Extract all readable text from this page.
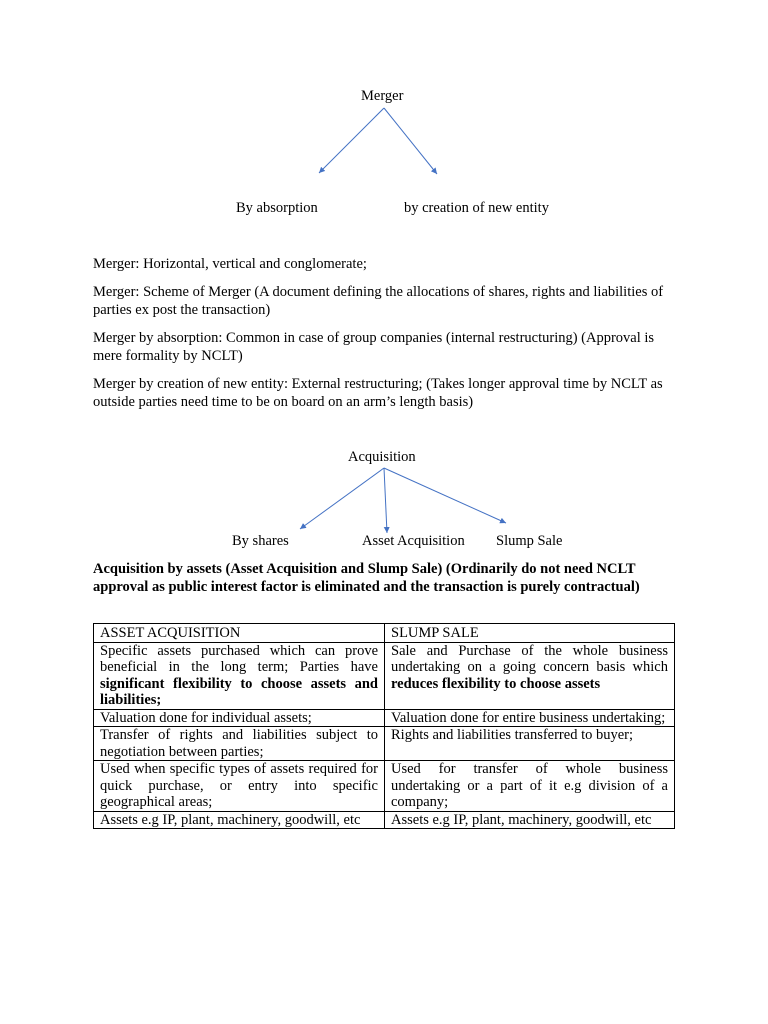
Merger
By absorption	by creation of new entity

Merger: Horizontal, vertical and conglomerate;

Merger: Scheme of Merger (A document defining the allocations of shares, rights and liabilities of parties ex post the transaction)

Merger by absorption: Common in case of group companies (internal restructuring) (Approval is mere formality by NCLT)

Merger by creation of new entity: External restructuring; (Takes longer approval time by NCLT as outside parties need time to be on board on an arm’s length basis)

Acquisition
By shares	Asset Acquisition Slump Sale

Acquisition by assets (Asset Acquisition and Slump Sale) (Ordinarily do not need NCLT approval as public interest factor is eliminated and the transaction is purely contractual)

ASSET ACQUISITION	SLUMP SALE
Specific assets purchased which can prove beneficial in the long term; Parties have significant flexibility to choose assets and liabilities;	Sale and Purchase of the whole business undertaking on a going concern basis which reduces flexibility to choose assets
Valuation done for individual assets;	Valuation done for entire business undertaking;
Transfer of rights and liabilities subject to negotiation between parties;	Rights and liabilities transferred to buyer;
Used when specific types of assets required for quick purchase, or entry into specific geographical areas;	Used for transfer of whole business undertaking or a part of it e.g division of a company;
Assets e.g IP, plant, machinery, goodwill, etc	Assets e.g IP, plant, machinery, goodwill, etc
